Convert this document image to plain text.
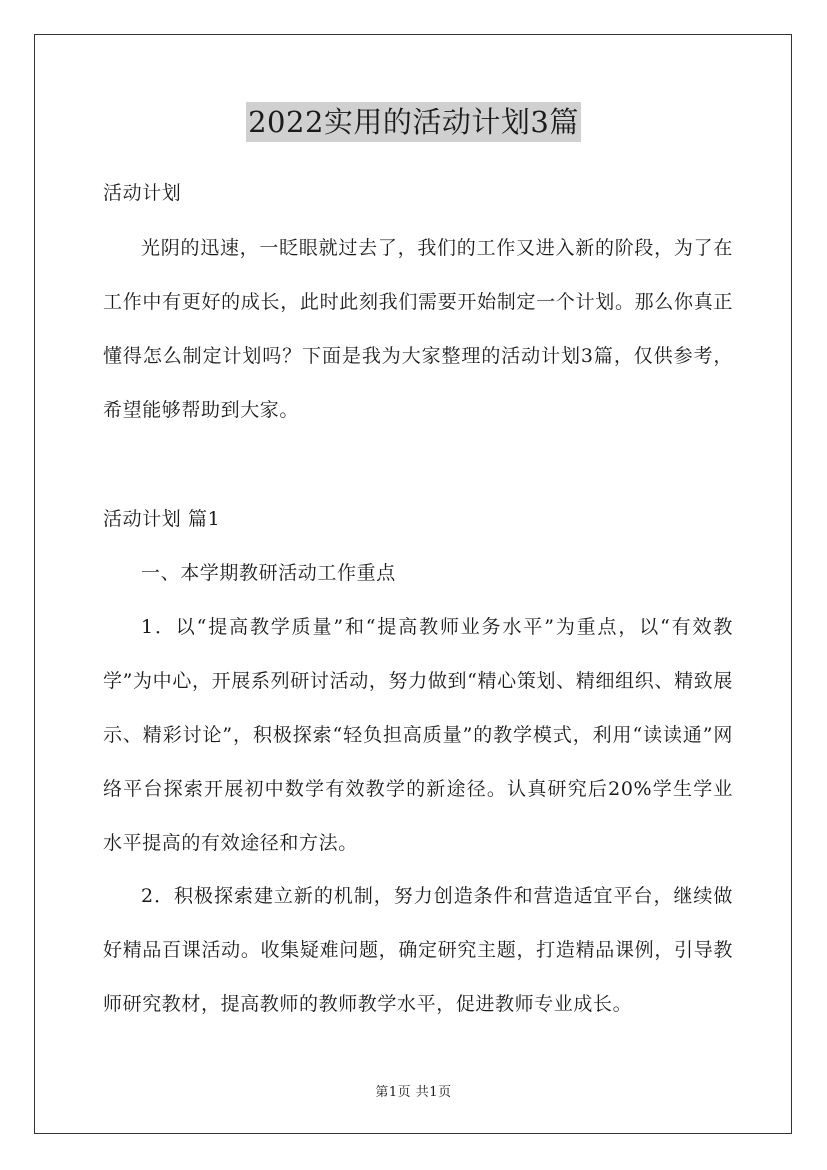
2022实用的活动计划3篇

活动计划

光阴的迅速，一眨眼就过去了，我们的工作又进入新的阶段，为了在工作中有更好的成长，此时此刻我们需要开始制定一个计划。那么你真正懂得怎么制定计划吗？下面是我为大家整理的活动计划3篇，仅供参考，希望能够帮助到大家。

活动计划 篇1

一、本学期教研活动工作重点

1．以“提高教学质量”和“提高教师业务水平”为重点，以“有效教学”为中心，开展系列研讨活动，努力做到“精心策划、精细组织、精致展示、精彩讨论”，积极探索“轻负担高质量”的教学模式，利用“读读通”网络平台探索开展初中数学有效教学的新途径。认真研究后20%学生学业水平提高的有效途径和方法。

2．积极探索建立新的机制，努力创造条件和营造适宜平台，继续做好精品百课活动。收集疑难问题，确定研究主题，打造精品课例，引导教师研究教材，提高教师的教师教学水平，促进教师专业成长。

第1页 共1页
